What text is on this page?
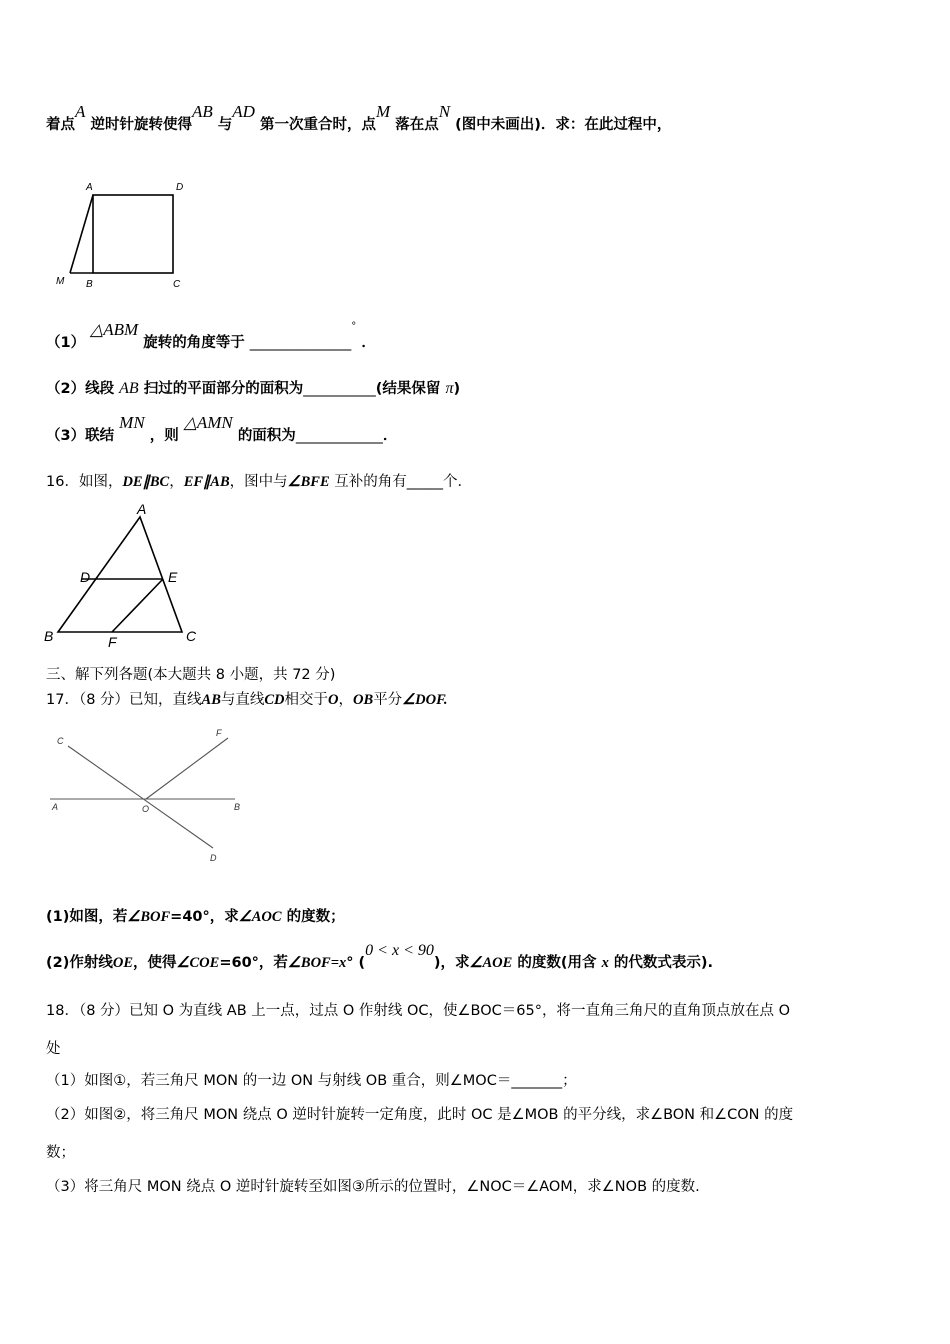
着点A 逆时针旋转使得AB 与AD 第一次重合时，点M 落在点N (图中未画出)．求：在此过程中，
A	D
M B	C
A
D	E
B	F	C
C
F
A	O	B
D
（1） △ABM 旋转的角度等于 ______________° ．
（2）线段 AB 扫过的平面部分的面积为__________(结果保留 π)
（3）联结 MN ，则 △AMN 的面积为____________．
16．如图，DE∥BC，EF∥AB，图中与∠BFE 互补的角有_____个．
三、解下列各题(本大题共 8 小题，共 72 分)
17．（8 分）已知，直线AB与直线CD相交于O，OB平分∠DOF.
(1)如图，若∠BOF=40°，求∠AOC 的度数；
(2)作射线OE，使得∠COE=60°，若∠BOF=x° (0 < x < 90)，求∠AOE 的度数(用含 x 的代数式表示).
18．（8 分）已知 O 为直线 AB 上一点，过点 O 作射线 OC，使∠BOC＝65°，将一直角三角尺的直角顶点放在点 O
处
（1）如图①，若三角尺 MON 的一边 ON 与射线 OB 重合，则∠MOC＝_______；
（2）如图②，将三角尺 MON 绕点 O 逆时针旋转一定角度，此时 OC 是∠MOB 的平分线，求∠BON 和∠CON 的度
数；
（3）将三角尺 MON 绕点 O 逆时针旋转至如图③所示的位置时，∠NOC＝∠AOM，求∠NOB 的度数.
